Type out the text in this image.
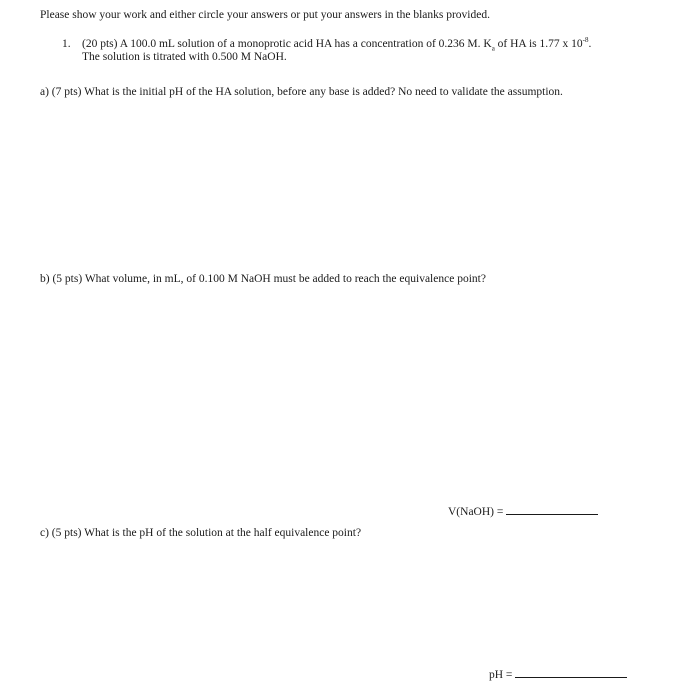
Please show your work and either circle your answers or put your answers in the blanks provided.
1. (20 pts) A 100.0 mL solution of a monoprotic acid HA has a concentration of 0.236 M. $K_a$ of HA is 1.77 x $10^{-8}$.
The solution is titrated with 0.500 M NaOH.
a) (7 pts) What is the initial pH of the HA solution, before any base is added? No need to validate the assumption.
b) (5 pts) What volume, in mL, of 0.100 M NaOH must be added to reach the equivalence point?
V(NaOH) =
c) (5 pts) What is the pH of the solution at the half equivalence point?
pH =
